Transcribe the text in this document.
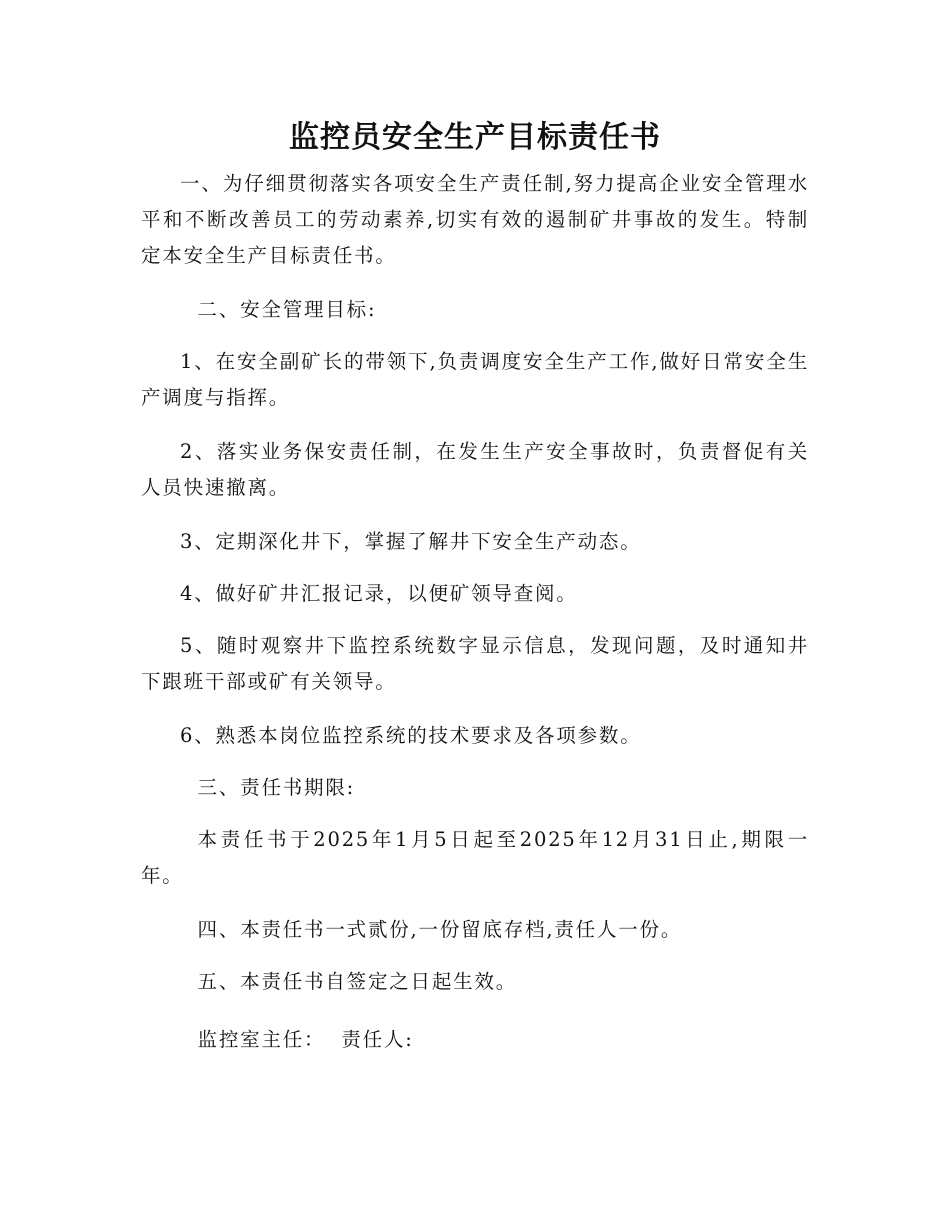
监控员安全生产目标责任书

一、为仔细贯彻落实各项安全生产责任制,努力提高企业安全管理水平和不断改善员工的劳动素养,切实有效的遏制矿井事故的发生。特制定本安全生产目标责任书。

二、安全管理目标:

1、在安全副矿长的带领下,负责调度安全生产工作,做好日常安全生产调度与指挥。

2、落实业务保安责任制，在发生生产安全事故时，负责督促有关人员快速撤离。

3、定期深化井下，掌握了解井下安全生产动态。

4、做好矿井汇报记录，以便矿领导查阅。

5、随时观察井下监控系统数字显示信息，发现问题，及时通知井下跟班干部或矿有关领导。

6、熟悉本岗位监控系统的技术要求及各项参数。

三、责任书期限:

本责任书于2025年1月5日起至2025年12月31日止,期限一年。

四、本责任书一式贰份,一份留底存档,责任人一份。

五、本责任书自签定之日起生效。

监控室主任：  责任人:
